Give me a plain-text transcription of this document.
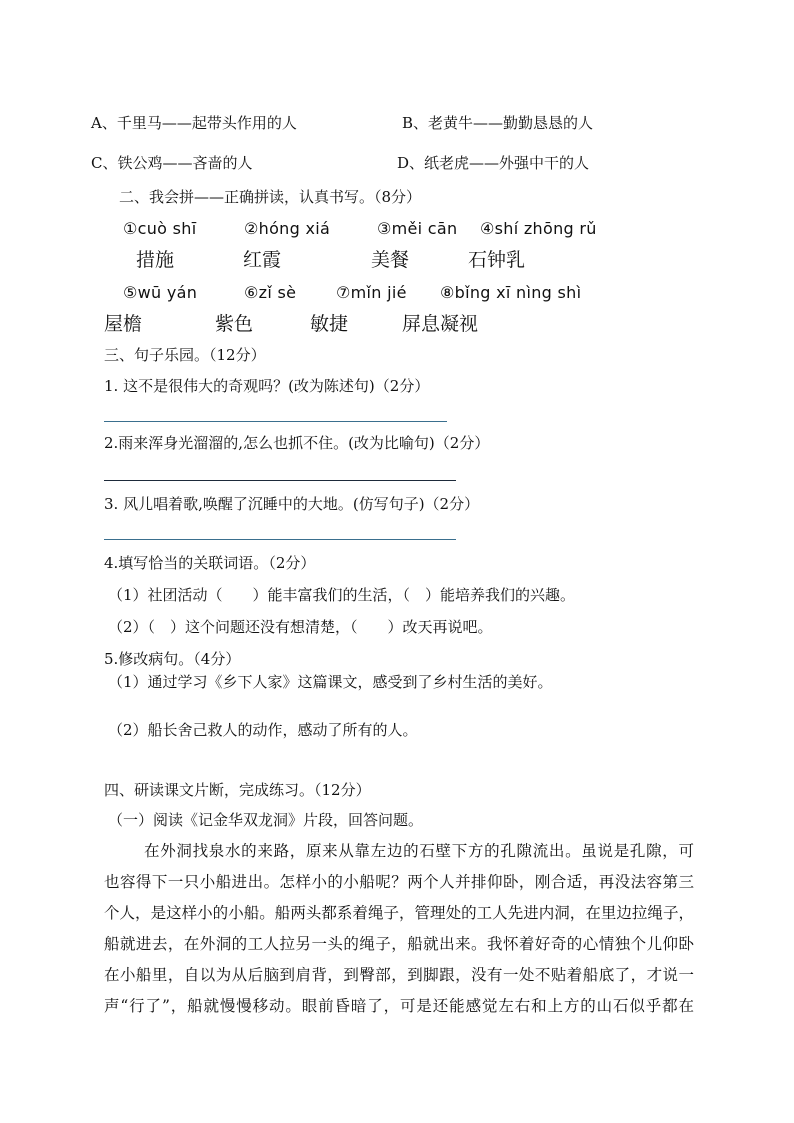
A、千里马——起带头作用的人	B、老黄牛——勤勤恳恳的人
C、铁公鸡——吝啬的人	D、纸老虎——外强中干的人
二、我会拼——正确拼读，认真书写。（8分）
①cuò shī	②hóng xiá	③měi cān ④shí zhōng rǔ
措施	红霞	美餐	石钟乳
⑤wū yán	⑥zǐ sè ⑦mǐn jié ⑧bǐng xī nìng shì
屋檐	紫色	敏捷	屏息凝视
三、句子乐园。（12分）
1. 这不是很伟大的奇观吗？(改为陈述句)（2分）
2.雨来浑身光溜溜的,怎么也抓不住。(改为比喻句)（2分）
3. 风儿唱着歌,唤醒了沉睡中的大地。(仿写句子)（2分）
4.填写恰当的关联词语。（2分）
（1）社团活动（　　）能丰富我们的生活，（　）能培养我们的兴趣。
（2）（　）这个问题还没有想清楚，（　　）改天再说吧。
5.修改病句。（4分）
（1）通过学习《乡下人家》这篇课文，感受到了乡村生活的美好。
（2）船长舍己救人的动作，感动了所有的人。
四、研读课文片断，完成练习。（12分）
（一）阅读《记金华双龙洞》片段，回答问题。

在外洞找泉水的来路，原来从靠左边的石壁下方的孔隙流出。虽说是孔隙，可

也容得下一只小船进出。怎样小的小船呢？两个人并排仰卧，刚合适，再没法容第三

个人，是这样小的小船。船两头都系着绳子，管理处的工人先进内洞，在里边拉绳子，

船就进去，在外洞的工人拉另一头的绳子，船就出来。我怀着好奇的心情独个儿仰卧

在小船里，自以为从后脑到肩背，到臀部，到脚跟，没有一处不贴着船底了，才说一

声“行了”，船就慢慢移动。眼前昏暗了，可是还能感觉左右和上方的山石似乎都在
